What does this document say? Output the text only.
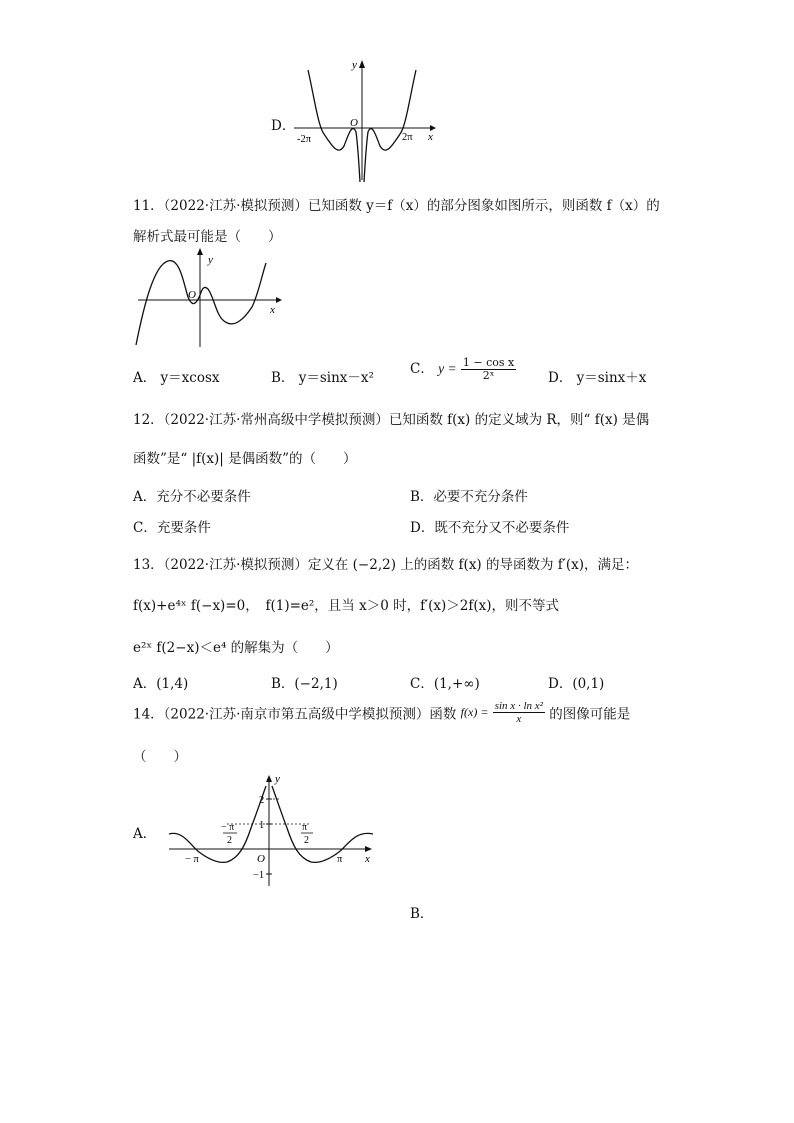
D．
y
x
O
-2π	2π
11．（2022·江苏·模拟预测）已知函数 y＝f（x）的部分图象如图所示，则函数 f（x）的
解析式最可能是（　　）
y
x
O
A． y＝xcosx	B． y＝sinx－x²
C． $y = \frac{\text{1 − cos x}}{\text{2ˣ}}$ D． y＝sinx＋x
12．（2022·江苏·常州高级中学模拟预测）已知函数 f(x) 的定义域为 R，则“ f(x) 是偶
函数”是“ |f(x)| 是偶函数”的（　　）
A．充分不必要条件	B．必要不充分条件
C．充要条件	D．既不充分又不必要条件
13．（2022·江苏·模拟预测）定义在 (−2,2) 上的函数 f(x) 的导函数为 f′(x)，满足：
f(x)+e⁴ˣ f(−x)=0，　f(1)=e²，且当 x＞0 时，f′(x)＞2f(x)，则不等式
e²ˣ f(2−x)＜e⁴ 的解集为（　　）
A．(1,4)	B．(−2,1)	C．(1,+∞)	D．(0,1)
14．（2022·江苏·南京市第五高级中学模拟预测）函数 $f(x) = \frac{\text{sin x · ln x²}}{x}$ 的图像可能是
（　　）
A．
y
x
O
2
1
−1
− π	π
− π
2
π
2
B．
